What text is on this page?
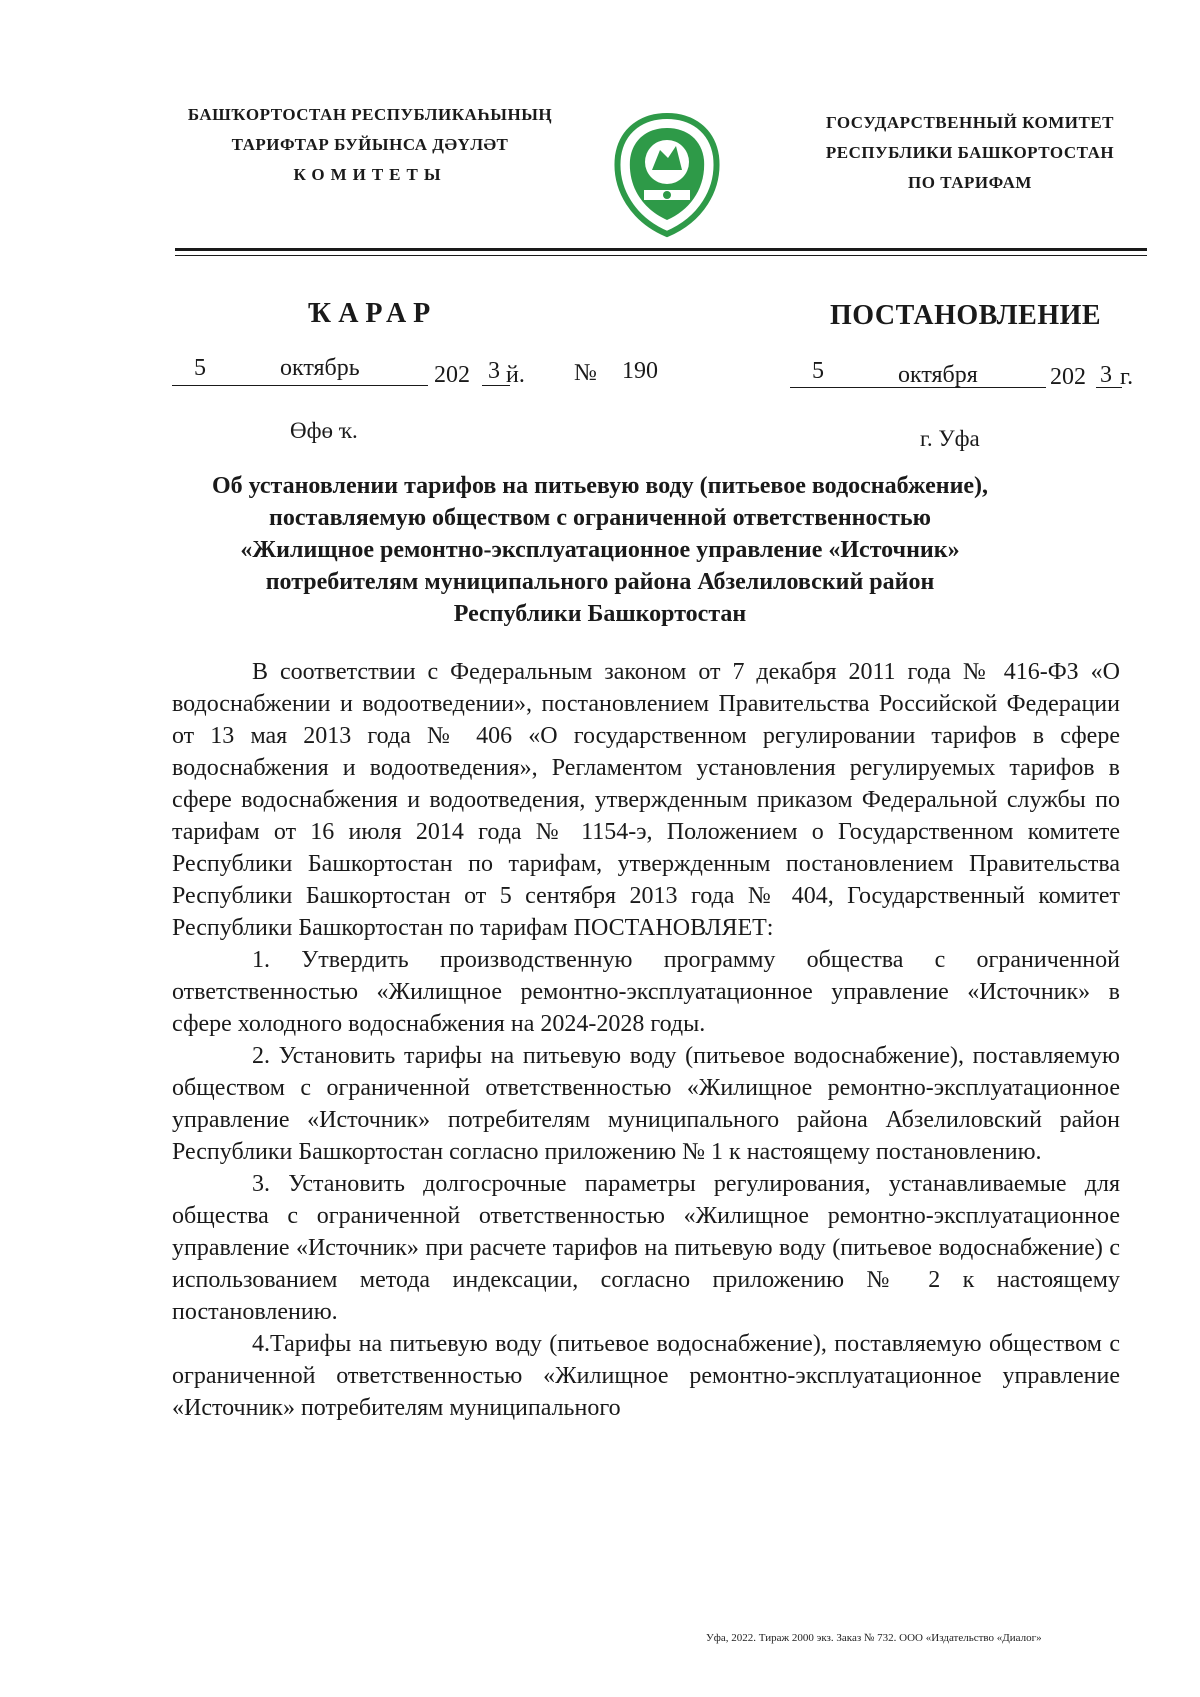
БАШҠОРТОСТАН РЕСПУБЛИКАҺЫНЫҢ
ТАРИФТАР БУЙЫНСА ДӘҮЛӘТ
КОМИТЕТЫ
ГОСУДАРСТВЕННЫЙ КОМИТЕТ
РЕСПУБЛИКИ БАШКОРТОСТАН
ПО ТАРИФАМ
ҠАРАР	ПОСТАНОВЛЕНИЕ
5	октябрь	202 3 й. № 190	5	октября	202 3 г.
Өфө ҡ.	г. Уфа
Об установлении тарифов на питьевую воду (питьевое водоснабжение),
поставляемую обществом с ограниченной ответственностью
«Жилищное ремонтно-эксплуатационное управление «Источник»
потребителям муниципального района Абзелиловский район
Республики Башкортостан

В соответствии с Федеральным законом от 7 декабря 2011 года № 416-ФЗ «О водоснабжении и водоотведении», постановлением Правительства Российской Федерации от 13 мая 2013 года № 406 «О государственном регулировании тарифов в сфере водоснабжения и водоотведения», Регламентом установления регулируемых тарифов в сфере водоснабжения и водоотведения, утвержденным приказом Федеральной службы по тарифам от 16 июля 2014 года № 1154-э, Положением о Государственном комитете Республики Башкортостан по тарифам, утвержденным постановлением Правительства Республики Башкортостан от 5 сентября 2013 года № 404, Государственный комитет Республики Башкортостан по тарифам ПОСТАНОВЛЯЕТ:

1. Утвердить производственную программу общества с ограниченной ответственностью «Жилищное ремонтно-эксплуатационное управление «Источник» в сфере холодного водоснабжения на 2024-2028 годы.

2. Установить тарифы на питьевую воду (питьевое водоснабжение), поставляемую обществом с ограниченной ответственностью «Жилищное ремонтно-эксплуатационное управление «Источник» потребителям муниципального района Абзелиловский район Республики Башкортостан согласно приложению № 1 к настоящему постановлению.

3. Установить долгосрочные параметры регулирования, устанавливаемые для общества с ограниченной ответственностью «Жилищное ремонтно-эксплуатационное управление «Источник» при расчете тарифов на питьевую воду (питьевое водоснабжение) с использованием метода индексации, согласно приложению № 2 к настоящему постановлению.

4.Тарифы на питьевую воду (питьевое водоснабжение), поставляемую обществом с ограниченной ответственностью «Жилищное ремонтно-эксплуатационное управление «Источник» потребителям муниципального

Уфа, 2022. Тираж 2000 экз. Заказ № 732. ООО «Издательство «Диалог»
